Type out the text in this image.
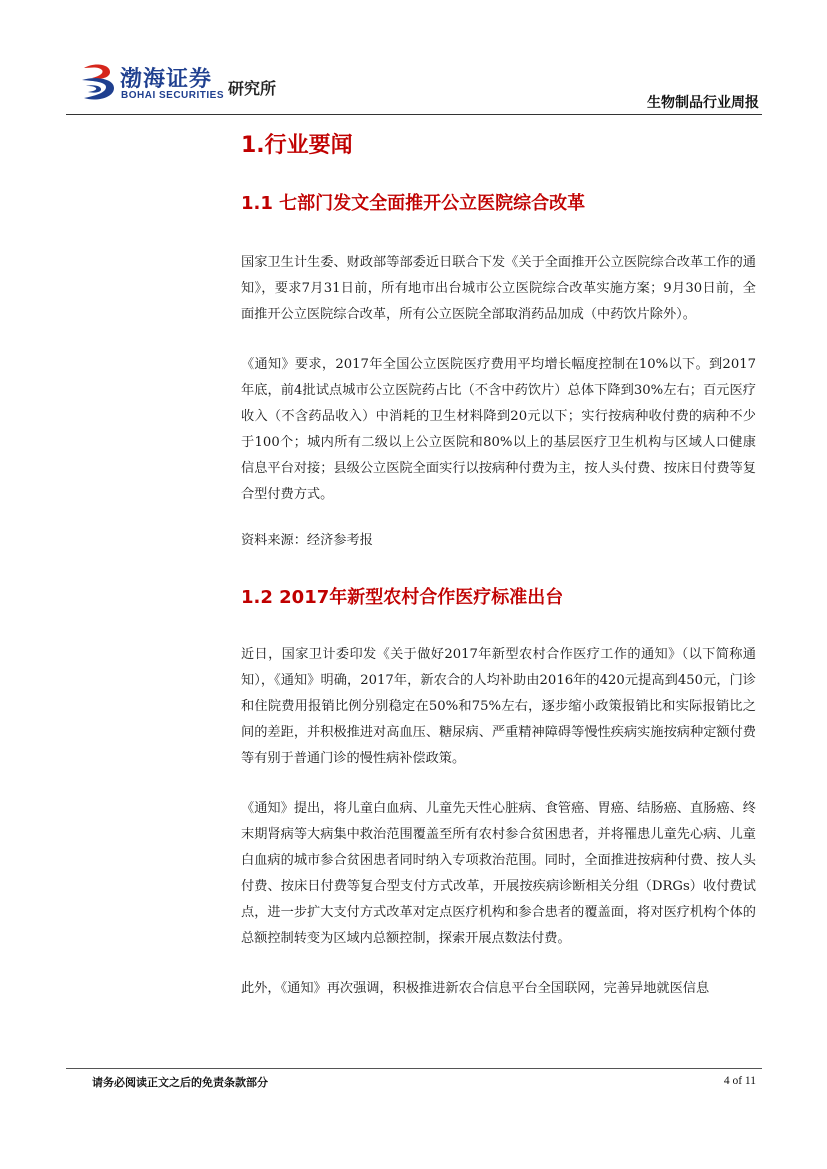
渤海证券
BOHAI SECURITIES 研究所
生物制品行业周报
1.行业要闻
1.1 七部门发文全面推开公立医院综合改革

国家卫生计生委、财政部等部委近日联合下发《关于全面推开公立医院综合改革工作的通知》，要求7月31日前，所有地市出台城市公立医院综合改革实施方案；9月30日前，全面推开公立医院综合改革，所有公立医院全部取消药品加成（中药饮片除外）。

《通知》要求，2017年全国公立医院医疗费用平均增长幅度控制在10%以下。到2017年底，前4批试点城市公立医院药占比（不含中药饮片）总体下降到30%左右；百元医疗收入（不含药品收入）中消耗的卫生材料降到20元以下；实行按病种收付费的病种不少于100个；城内所有二级以上公立医院和80%以上的基层医疗卫生机构与区域人口健康信息平台对接；县级公立医院全面实行以按病种付费为主，按人头付费、按床日付费等复合型付费方式。

资料来源：经济参考报

1.2 2017年新型农村合作医疗标准出台

近日，国家卫计委印发《关于做好2017年新型农村合作医疗工作的通知》（以下简称通知），《通知》明确，2017年，新农合的人均补助由2016年的420元提高到450元，门诊和住院费用报销比例分别稳定在50%和75%左右，逐步缩小政策报销比和实际报销比之间的差距，并积极推进对高血压、糖尿病、严重精神障碍等慢性疾病实施按病种定额付费等有别于普通门诊的慢性病补偿政策。

《通知》提出，将儿童白血病、儿童先天性心脏病、食管癌、胃癌、结肠癌、直肠癌、终末期肾病等大病集中救治范围覆盖至所有农村参合贫困患者，并将罹患儿童先心病、儿童白血病的城市参合贫困患者同时纳入专项救治范围。同时，全面推进按病种付费、按人头付费、按床日付费等复合型支付方式改革，开展按疾病诊断相关分组（DRGs）收付费试点，进一步扩大支付方式改革对定点医疗机构和参合患者的覆盖面，将对医疗机构个体的总额控制转变为区域内总额控制，探索开展点数法付费。

此外，《通知》再次强调，积极推进新农合信息平台全国联网，完善异地就医信息

请务必阅读正文之后的免责条款部分	4 of 11
